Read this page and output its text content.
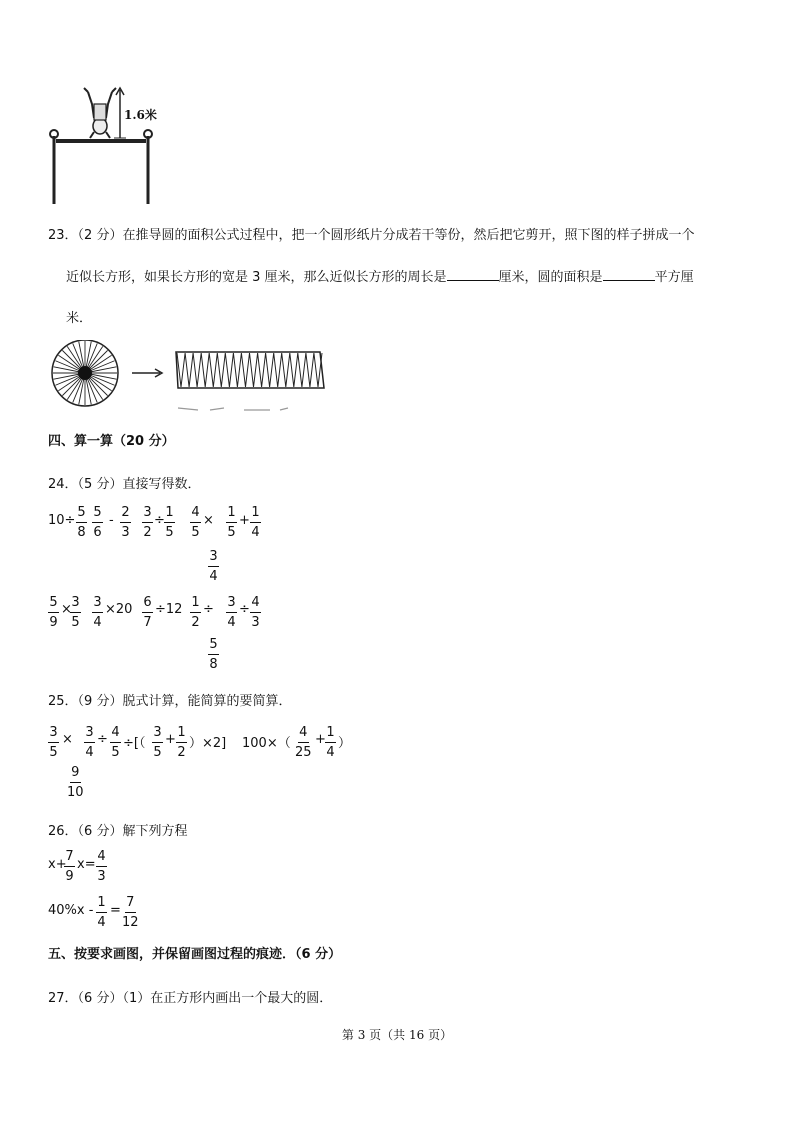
1.6米
23．（2 分）在推导圆的面积公式过程中，把一个圆形纸片分成若干等份，然后把它剪开，照下图的样子拼成一个
近似长方形，如果长方形的宽是 3 厘米，那么近似长方形的周长是	厘米，圆的面积是	平方厘
米．
四、算一算（20 分）
24．（5 分）直接写得数．
$10\div \frac{5}{8} \frac{5}{6} - \frac{2}{3} \frac{3}{2} \div \frac{1}{5} \frac{4}{5} \times \frac{1}{5} + \frac{1}{4}$
$\frac{3}{4}$
$\frac{5}{9}$ ×
$\frac{3}{5} \frac{3}{4} \times 20 \frac{6}{7} \div 12 \frac{1}{2} \div \frac{3}{4} \div \frac{4}{3}$
$\frac{5}{8}$
25．（9 分）脱式计算，能简算的要简算．
$\frac{3}{5} \times \frac{3}{4} \div \frac{4}{5}$ ÷[（ $\frac{3}{5} + \frac{1}{2} )\times 2$] $100\times( \frac{4}{25} + \frac{1}{4}$ ）
$\frac{9}{10}$
26．（6 分）解下列方程
x+
$\frac{7}{9} x= \frac{4}{3}$
$40\%x - \frac{1}{4} = \frac{7}{12}$
五、按要求画图，并保留画图过程的痕迹．（6 分）
27．（6 分）（1）在正方形内画出一个最大的圆．
第 3 页（共 16 页）
